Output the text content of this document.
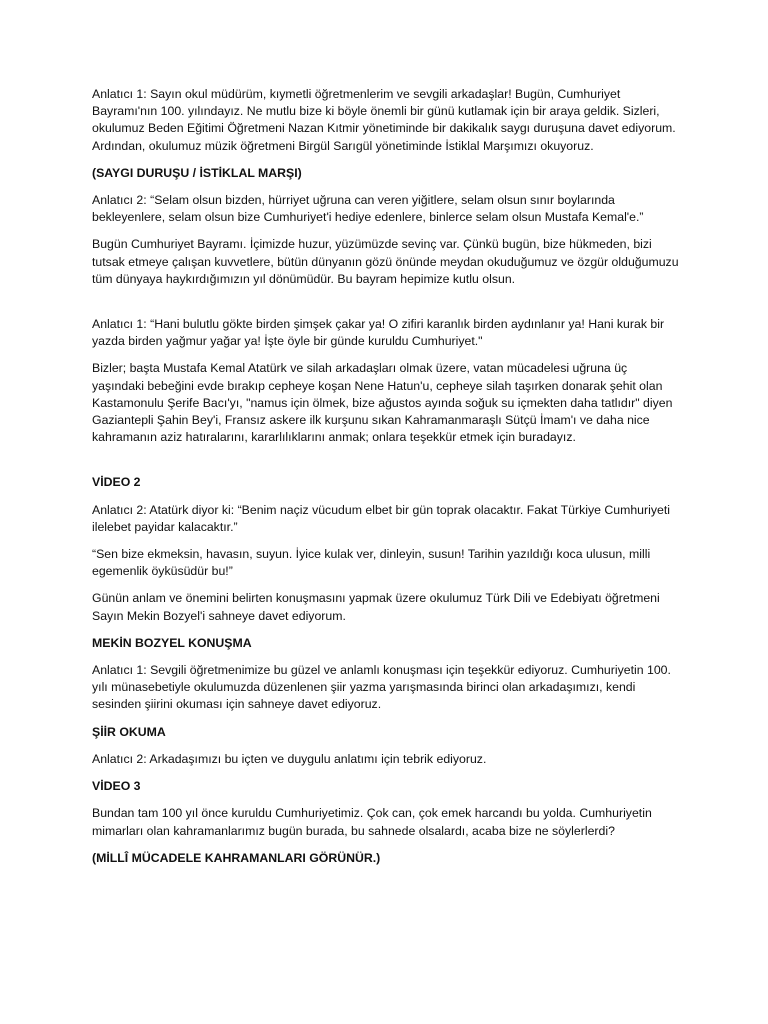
Anlatıcı 1: Sayın okul müdürüm, kıymetli öğretmenlerim ve sevgili arkadaşlar! Bugün, Cumhuriyet Bayramı'nın 100. yılındayız. Ne mutlu bize ki böyle önemli bir günü kutlamak için bir araya geldik. Sizleri, okulumuz Beden Eğitimi Öğretmeni Nazan Kıtmir yönetiminde bir dakikalık saygı duruşuna davet ediyorum. Ardından, okulumuz müzik öğretmeni Birgül Sarıgül yönetiminde İstiklal Marşımızı okuyoruz.

(SAYGI DURUŞU / İSTİKLAL MARŞI)

Anlatıcı 2: “Selam olsun bizden, hürriyet uğruna can veren yiğitlere, selam olsun sınır boylarında bekleyenlere, selam olsun bize Cumhuriyet'i hediye edenlere, binlerce selam olsun Mustafa Kemal'e.”

Bugün Cumhuriyet Bayramı. İçimizde huzur, yüzümüzde sevinç var. Çünkü bugün, bize hükmeden, bizi tutsak etmeye çalışan kuvvetlere, bütün dünyanın gözü önünde meydan okuduğumuz ve özgür olduğumuzu tüm dünyaya haykırdığımızın yıl dönümüdür. Bu bayram hepimize kutlu olsun.

Anlatıcı 1: “Hani bulutlu gökte birden şimşek çakar ya! O zifiri karanlık birden aydınlanır ya! Hani kurak bir yazda birden yağmur yağar ya! İşte öyle bir günde kuruldu Cumhuriyet."

Bizler; başta Mustafa Kemal Atatürk ve silah arkadaşları olmak üzere, vatan mücadelesi uğruna üç yaşındaki bebeğini evde bırakıp cepheye koşan Nene Hatun'u, cepheye silah taşırken donarak şehit olan Kastamonulu Şerife Bacı'yı, "namus için ölmek, bize ağustos ayında soğuk su içmekten daha tatlıdır" diyen Gaziantepli Şahin Bey'i, Fransız askere ilk kurşunu sıkan Kahramanmaraşlı Sütçü İmam'ı ve daha nice kahramanın aziz hatıralarını, kararlılıklarını anmak; onlara teşekkür etmek için buradayız.

VİDEO 2

Anlatıcı 2: Atatürk diyor ki: “Benim naçiz vücudum elbet bir gün toprak olacaktır. Fakat Türkiye Cumhuriyeti ilelebet payidar kalacaktır.”

“Sen bize ekmeksin, havasın, suyun. İyice kulak ver, dinleyin, susun! Tarihin yazıldığı koca ulusun, milli egemenlik öyküsüdür bu!”

Günün anlam ve önemini belirten konuşmasını yapmak üzere okulumuz Türk Dili ve Edebiyatı öğretmeni Sayın Mekin Bozyel'i sahneye davet ediyorum.

MEKİN BOZYEL KONUŞMA

Anlatıcı 1: Sevgili öğretmenimize bu güzel ve anlamlı konuşması için teşekkür ediyoruz. Cumhuriyetin 100. yılı münasebetiyle okulumuzda düzenlenen şiir yazma yarışmasında birinci olan arkadaşımızı, kendi sesinden şiirini okuması için sahneye davet ediyoruz.

ŞİİR OKUMA

Anlatıcı 2: Arkadaşımızı bu içten ve duygulu anlatımı için tebrik ediyoruz.

VİDEO 3

Bundan tam 100 yıl önce kuruldu Cumhuriyetimiz. Çok can, çok emek harcandı bu yolda. Cumhuriyetin mimarları olan kahramanlarımız bugün burada, bu sahnede olsalardı, acaba bize ne söylerlerdi?

(MİLLÎ MÜCADELE KAHRAMANLARI GÖRÜNÜR.)
